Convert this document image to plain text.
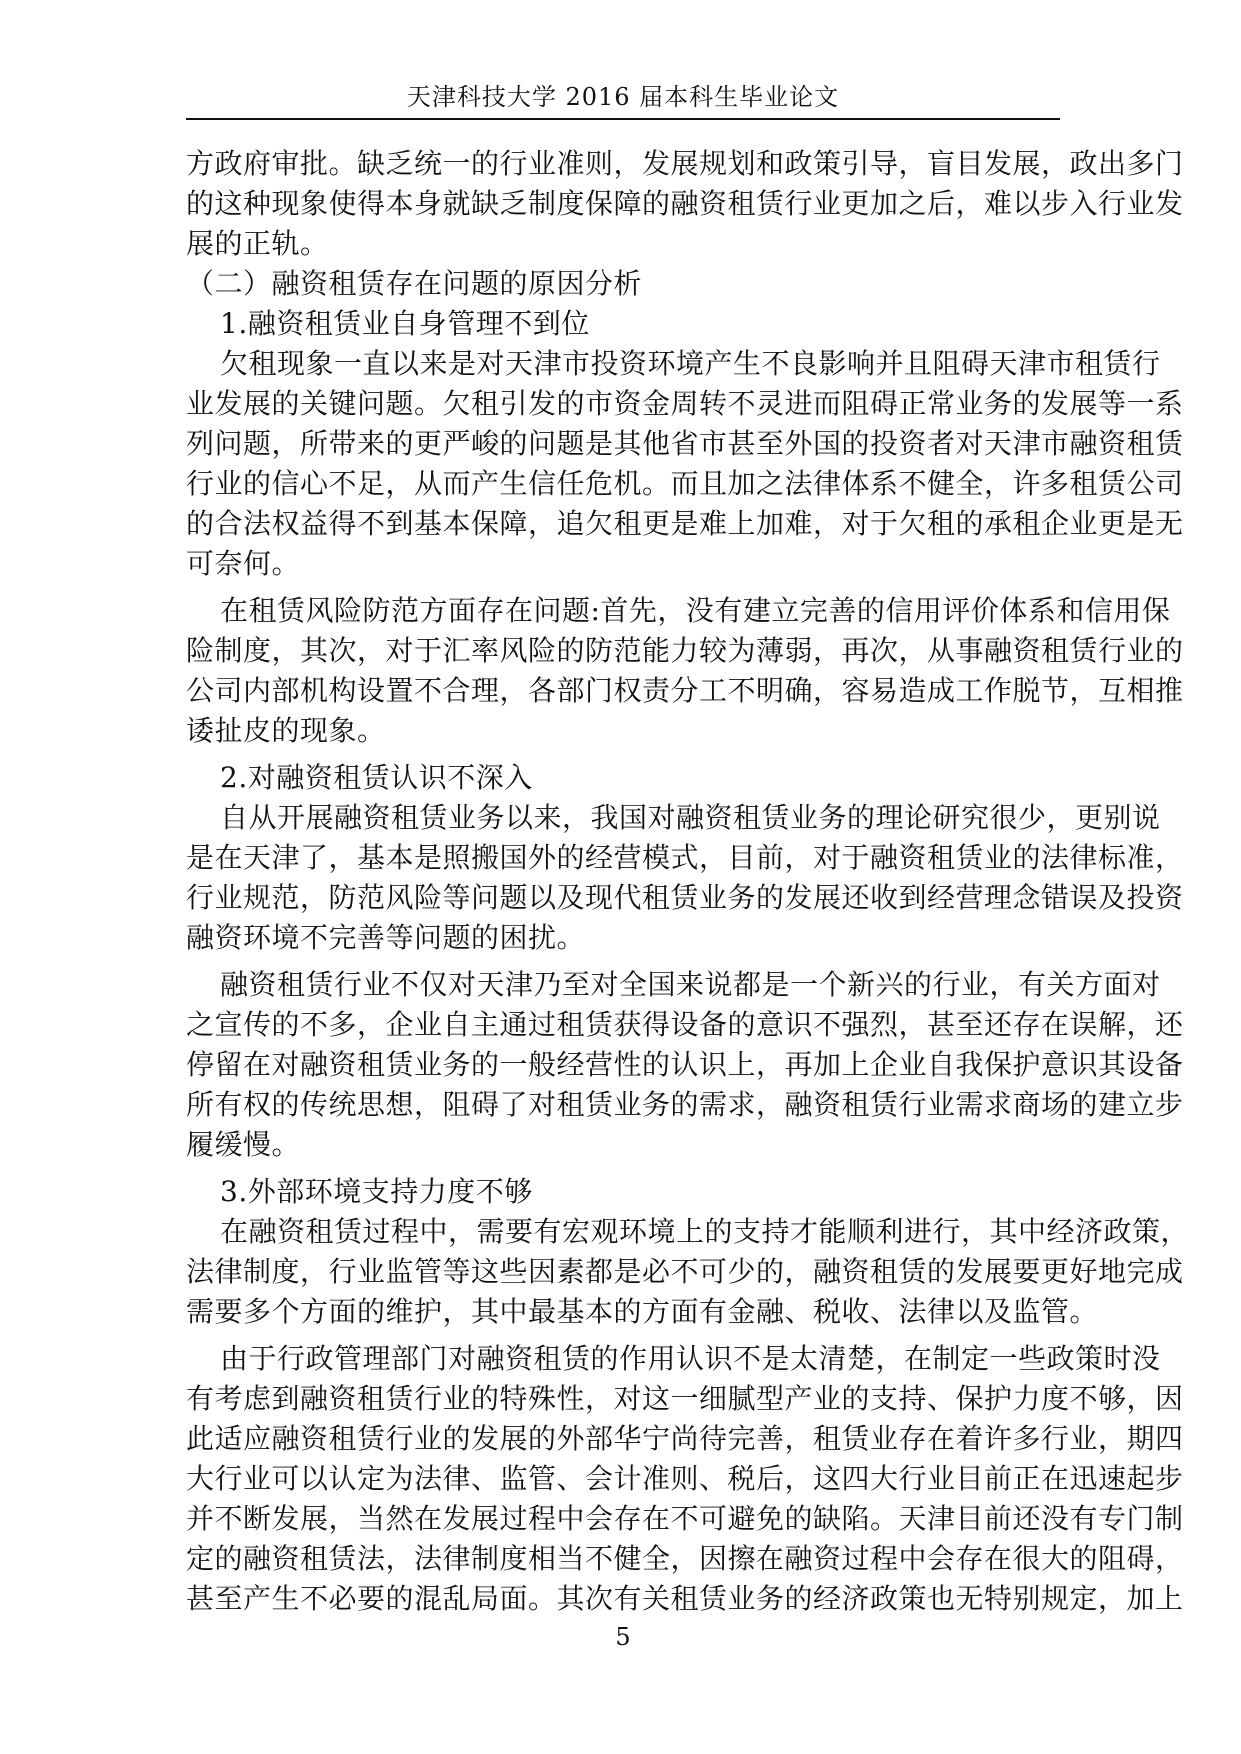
天津科技大学 2016 届本科生毕业论文
方政府审批。缺乏统一的行业准则，发展规划和政策引导，盲目发展，政出多门
的这种现象使得本身就缺乏制度保障的融资租赁行业更加之后，难以步入行业发
展的正轨。
（二）融资租赁存在问题的原因分析
1.融资租赁业自身管理不到位
欠租现象一直以来是对天津市投资环境产生不良影响并且阻碍天津市租赁行
业发展的关键问题。欠租引发的市资金周转不灵进而阻碍正常业务的发展等一系
列问题，所带来的更严峻的问题是其他省市甚至外国的投资者对天津市融资租赁
行业的信心不足，从而产生信任危机。而且加之法律体系不健全，许多租赁公司
的合法权益得不到基本保障，追欠租更是难上加难，对于欠租的承租企业更是无
可奈何。
在租赁风险防范方面存在问题:首先，没有建立完善的信用评价体系和信用保
险制度，其次，对于汇率风险的防范能力较为薄弱，再次，从事融资租赁行业的
公司内部机构设置不合理，各部门权责分工不明确，容易造成工作脱节，互相推
诿扯皮的现象。
2.对融资租赁认识不深入
自从开展融资租赁业务以来，我国对融资租赁业务的理论研究很少，更别说
是在天津了，基本是照搬国外的经营模式，目前，对于融资租赁业的法律标准，
行业规范，防范风险等问题以及现代租赁业务的发展还收到经营理念错误及投资
融资环境不完善等问题的困扰。
融资租赁行业不仅对天津乃至对全国来说都是一个新兴的行业，有关方面对
之宣传的不多，企业自主通过租赁获得设备的意识不强烈，甚至还存在误解，还
停留在对融资租赁业务的一般经营性的认识上，再加上企业自我保护意识其设备
所有权的传统思想，阻碍了对租赁业务的需求，融资租赁行业需求商场的建立步
履缓慢。
3.外部环境支持力度不够
在融资租赁过程中，需要有宏观环境上的支持才能顺利进行，其中经济政策，
法律制度，行业监管等这些因素都是必不可少的，融资租赁的发展要更好地完成
需要多个方面的维护，其中最基本的方面有金融、税收、法律以及监管。
由于行政管理部门对融资租赁的作用认识不是太清楚，在制定一些政策时没
有考虑到融资租赁行业的特殊性，对这一细腻型产业的支持、保护力度不够，因
此适应融资租赁行业的发展的外部华宁尚待完善，租赁业存在着许多行业，期四
大行业可以认定为法律、监管、会计准则、税后，这四大行业目前正在迅速起步
并不断发展，当然在发展过程中会存在不可避免的缺陷。天津目前还没有专门制
定的融资租赁法，法律制度相当不健全，因擦在融资过程中会存在很大的阻碍，
甚至产生不必要的混乱局面。其次有关租赁业务的经济政策也无特别规定，加上
5
